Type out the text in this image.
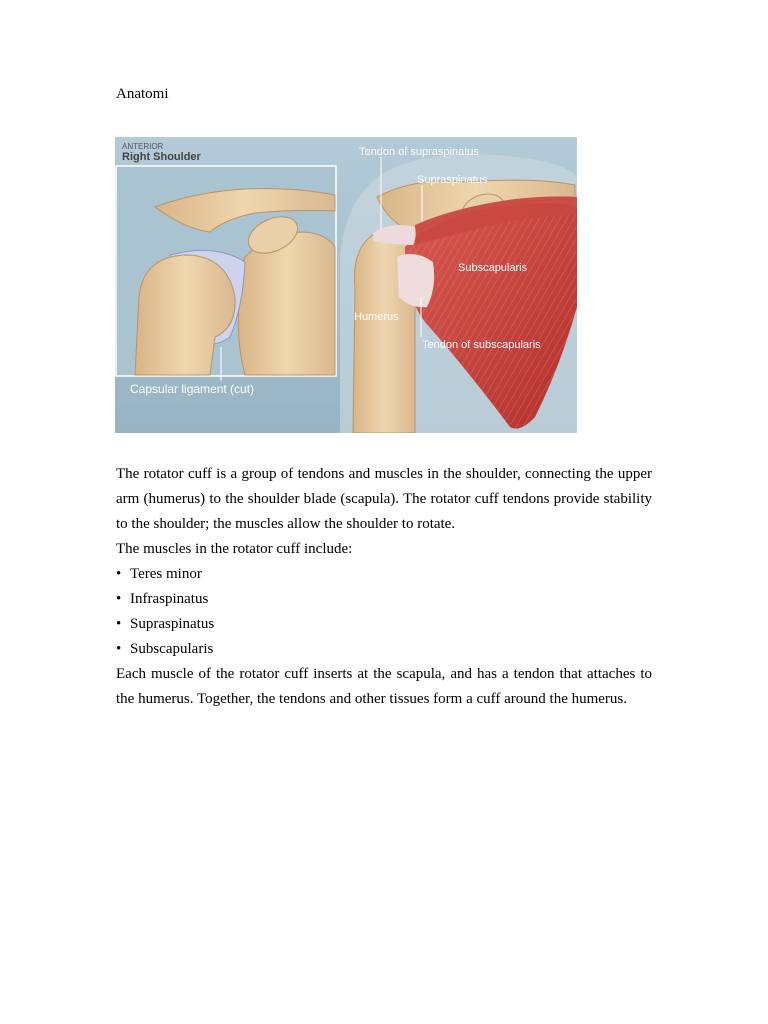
Anatomi
ANTERIOR
Right Shoulder	Tendon of supraspinatus
Supraspinatus
Subscapularis
Humerus
Tendon of subscapularis
Capsular ligament (cut)

The rotator cuff is a group of tendons and muscles in the shoulder, connecting the upper arm (humerus) to the shoulder blade (scapula). The rotator cuff tendons provide stability to the shoulder; the muscles allow the shoulder to rotate.

The muscles in the rotator cuff include:

• Teres minor
• Infraspinatus
• Supraspinatus
• Subscapularis

Each muscle of the rotator cuff inserts at the scapula, and has a tendon that attaches to the humerus. Together, the tendons and other tissues form a cuff around the humerus.
